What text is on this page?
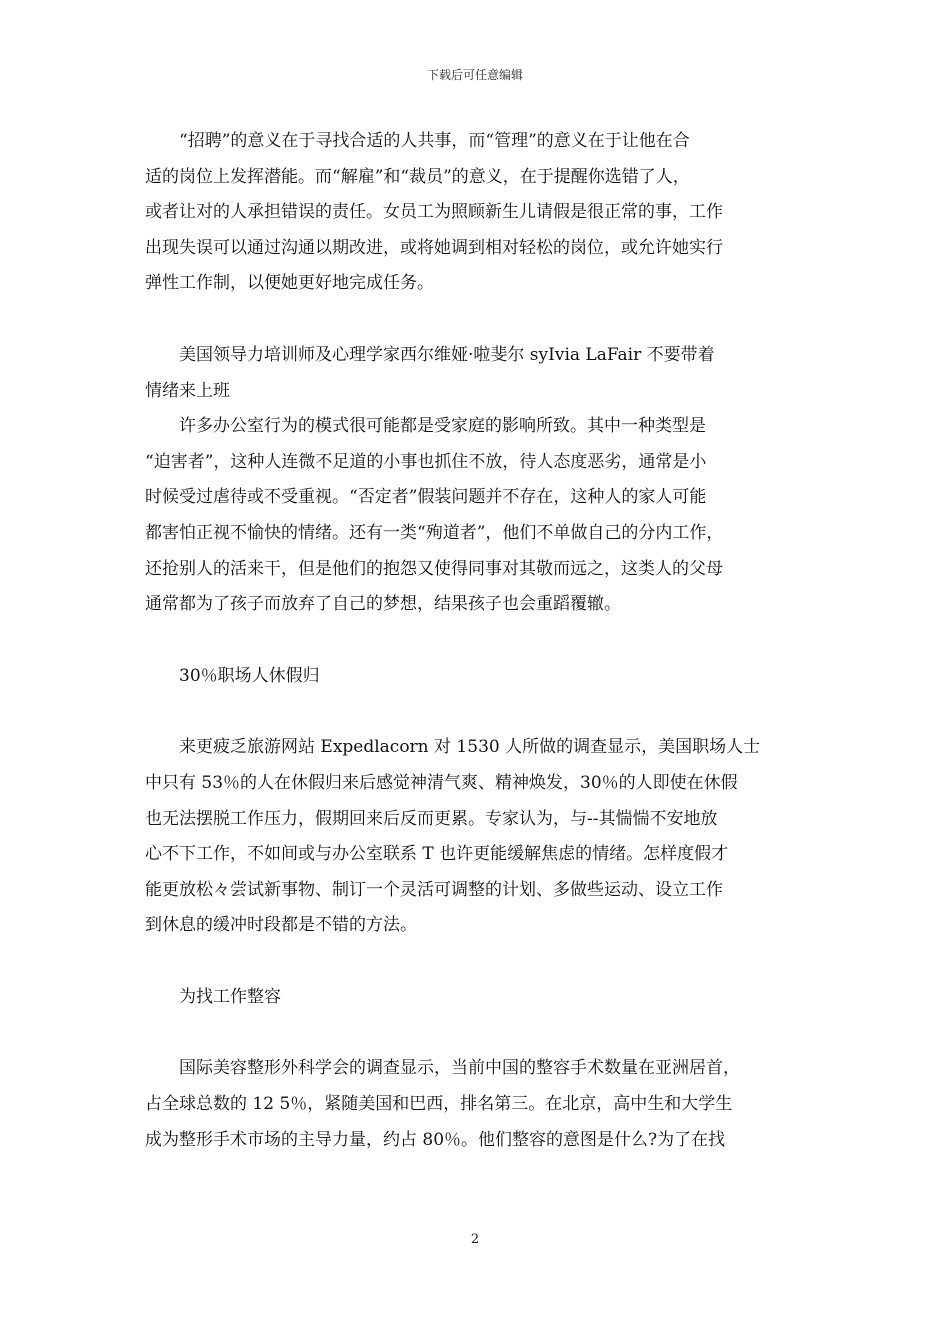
下载后可任意编辑

　　“招聘”的意义在于寻找合适的人共事，而“管理”的意义在于让他在合

适的岗位上发挥潜能。而“解雇”和“裁员”的意义，在于提醒你选错了人，

或者让对的人承担错误的责任。女员工为照顾新生儿请假是很正常的事，工作

出现失误可以通过沟通以期改进，或将她调到相对轻松的岗位，或允许她实行

弹性工作制，以便她更好地完成任务。

　　美国领导力培训师及心理学家西尔维娅·啦斐尔 syIvia LaFair 不要带着

情绪来上班

　　许多办公室行为的模式很可能都是受家庭的影响所致。其中一种类型是

“迫害者”，这种人连微不足道的小事也抓住不放，待人态度恶劣，通常是小

时候受过虐待或不受重视。“否定者”假装问题并不存在，这种人的家人可能

都害怕正视不愉快的情绪。还有一类“殉道者”，他们不单做自己的分内工作，

还抢别人的活来干，但是他们的抱怨又使得同事对其敬而远之，这类人的父母

通常都为了孩子而放弃了自己的梦想，结果孩子也会重蹈覆辙。

　　30％职场人休假归

　　来更疲乏旅游网站 Expedlacorn 对 1530 人所做的调查显示，美国职场人士

中只有 53％的人在休假归来后感觉神清气爽、精神焕发，30％的人即使在休假

也无法摆脱工作压力，假期回来后反而更累。专家认为，与--其惴惴不安地放

心不下工作，不如间或与办公室联系 T 也许更能缓解焦虑的情绪。怎样度假才

能更放松々尝试新事物、制订一个灵活可调整的计划、多做些运动、设立工作

到休息的缓冲时段都是不错的方法。

　　为找工作整容

　　国际美容整形外科学会的调查显示，当前中国的整容手术数量在亚洲居首，

占全球总数的 12 5％，紧随美国和巴西，排名第三。在北京，高中生和大学生

成为整形手术市场的主导力量，约占 80％。他们整容的意图是什么?为了在找

2
